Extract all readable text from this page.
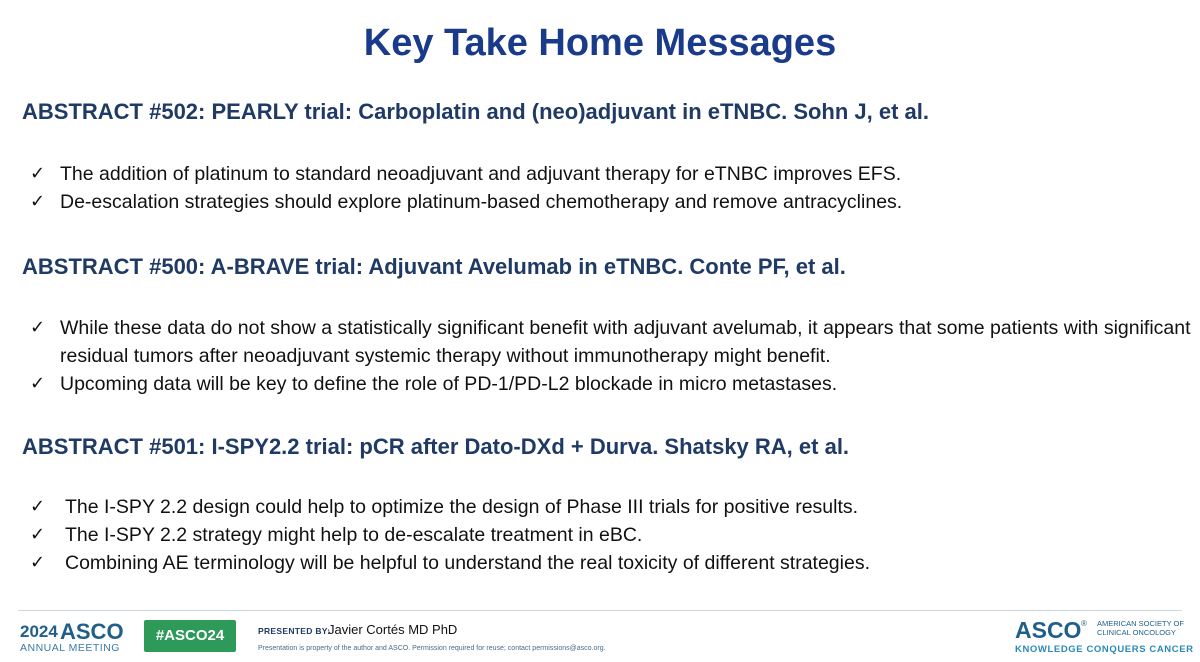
Key Take Home Messages
ABSTRACT #502: PEARLY trial: Carboplatin and (neo)adjuvant in eTNBC. Sohn J, et al.
✓ The addition of platinum to standard neoadjuvant and adjuvant therapy for eTNBC improves EFS.
✓ De-escalation strategies should explore platinum-based chemotherapy and remove antracyclines.
ABSTRACT #500: A-BRAVE trial: Adjuvant Avelumab in eTNBC. Conte PF, et al.
✓ While these data do not show a statistically significant benefit with adjuvant avelumab, it appears that some patients with significant residual tumors after neoadjuvant systemic therapy without immunotherapy might benefit.
✓ Upcoming data will be key to define the role of PD-1/PD-L2 blockade in micro metastases.
ABSTRACT #501: I-SPY2.2 trial: pCR after Dato-DXd + Durva. Shatsky RA, et al.
✓	The I-SPY 2.2 design could help to optimize the design of Phase III trials for positive results.
✓	The I-SPY 2.2 strategy might help to de-escalate treatment in eBC.
✓	Combining AE terminology will be helpful to understand the real toxicity of different strategies.
2024 ASCO
ANNUAL MEETING
#ASCO24	PRESENTED BY:
Javier Cortés MD PhD
Presentation is property of the author and ASCO. Permission required for reuse; contact permissions@asco.org.
ASCO ® AMERICAN SOCIETY OF CLINICAL ONCOLOGY
KNOWLEDGE CONQUERS CANCER
